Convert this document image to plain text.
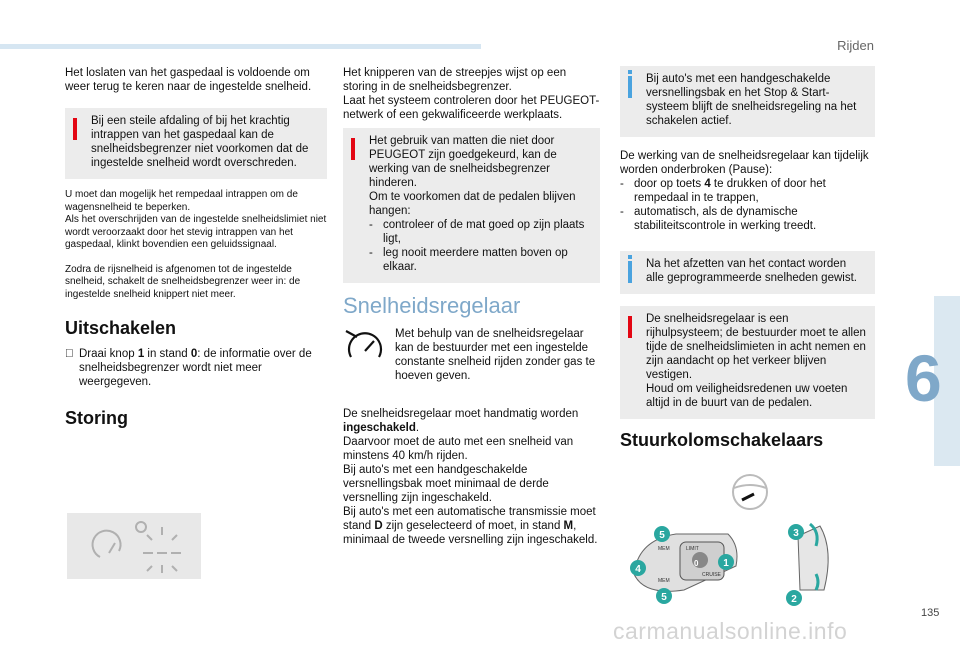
Rijden
6

Het loslaten van het gaspedaal is voldoende om weer terug te keren naar de ingestelde snelheid.

Bij een steile afdaling of bij het krachtig intrappen van het gaspedaal kan de snelheidsbegrenzer niet voorkomen dat de ingestelde snelheid wordt overschreden.

U moet dan mogelijk het rempedaal intrappen om de wagensnelheid te beperken.

Als het overschrijden van de ingestelde snelheidslimiet niet wordt veroorzaakt door het stevig intrappen van het gaspedaal, klinkt bovendien een geluidssignaal.

Zodra de rijsnelheid is afgenomen tot de ingestelde snelheid, schakelt de snelheidsbegrenzer weer in: de ingestelde snelheid knippert niet meer.

Uitschakelen

Draai knop 1 in stand 0: de informatie over de snelheidsbegrenzer wordt niet meer weergegeven.

Storing

Het knipperen van de streepjes wijst op een storing in de snelheidsbegrenzer.

Laat het systeem controleren door het PEUGEOT-netwerk of een gekwalificeerde werkplaats.

Het gebruik van matten die niet door PEUGEOT zijn goedgekeurd, kan de werking van de snelheidsbegrenzer hinderen.

Om te voorkomen dat de pedalen blijven hangen:

- controleer of de mat goed op zijn plaats ligt,

- leg nooit meerdere matten boven op elkaar.

Snelheidsregelaar

Met behulp van de snelheidsregelaar kan de bestuurder met een ingestelde constante snelheid rijden zonder gas te hoeven geven.

De snelheidsregelaar moet handmatig worden ingeschakeld.

Daarvoor moet de auto met een snelheid van minstens 40 km/h rijden.

Bij auto's met een handgeschakelde versnellingsbak moet minimaal de derde versnelling zijn ingeschakeld.

Bij auto's met een automatische transmissie moet stand D zijn geselecteerd of moet, in stand M, minimaal de tweede versnelling zijn ingeschakeld.

Bij auto's met een handgeschakelde versnellingsbak en het Stop & Start-systeem blijft de snelheidsregeling na het schakelen actief.

De werking van de snelheidsregelaar kan tijdelijk worden onderbroken (Pause):

- door op toets 4 te drukken of door het rempedaal in te trappen,

- automatisch, als de dynamische stabiliteitscontrole in werking treedt.

Na het afzetten van het contact worden alle geprogrammeerde snelheden gewist.

De snelheidsregelaar is een rijhulpsysteem; de bestuurder moet te allen tijde de snelheidslimieten in acht nemen en zijn aandacht op het verkeer blijven vestigen.

Houd om veiligheidsredenen uw voeten altijd in de buurt van de pedalen.

Stuurkolomschakelaars

MEM
MEM
LIMIT
CRUISE
0
5
4
5
1
3
2
135
carmanualsonline.info
